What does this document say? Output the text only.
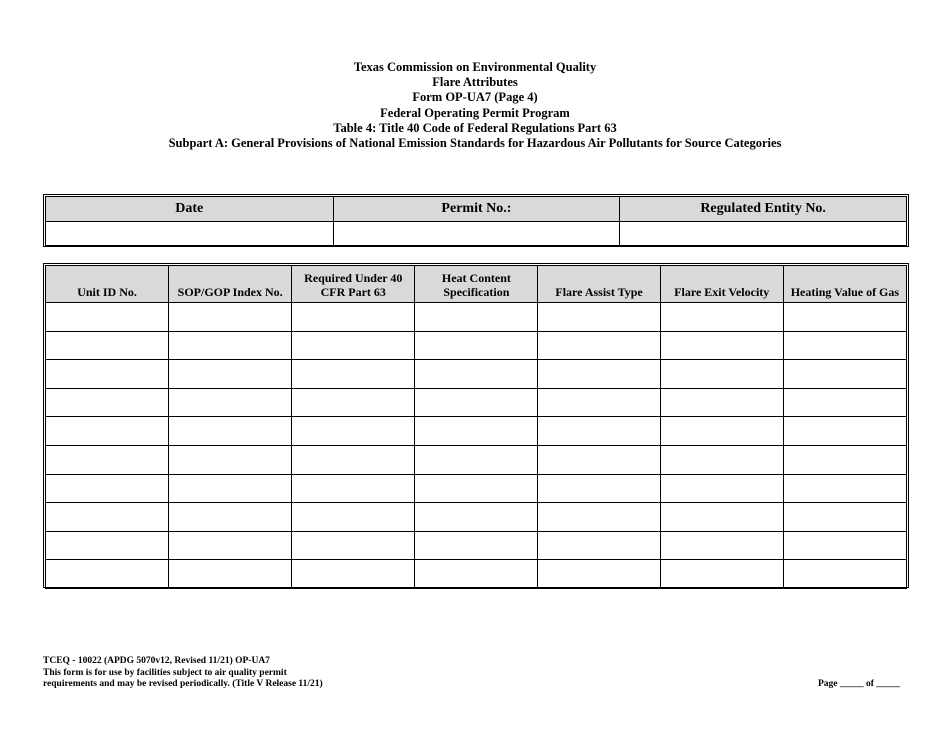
Texas Commission on Environmental Quality
Flare Attributes
Form OP-UA7 (Page 4)
Federal Operating Permit Program
Table 4: Title 40 Code of Federal Regulations Part 63
Subpart A: General Provisions of National Emission Standards for Hazardous Air Pollutants for Source Categories
Date	Permit No.:	Regulated Entity No.

Unit ID No.	SOP/GOP Index No.	Required Under 40 CFR Part 63	Heat Content Specification	Flare Assist Type	Flare Exit Velocity	Heating Value of Gas

TCEQ - 10022 (APDG 5070v12, Revised 11/21) OP-UA7
This form is for use by facilities subject to air quality permit
requirements and may be revised periodically. (Title V Release 11/21)	Page _____ of _____
